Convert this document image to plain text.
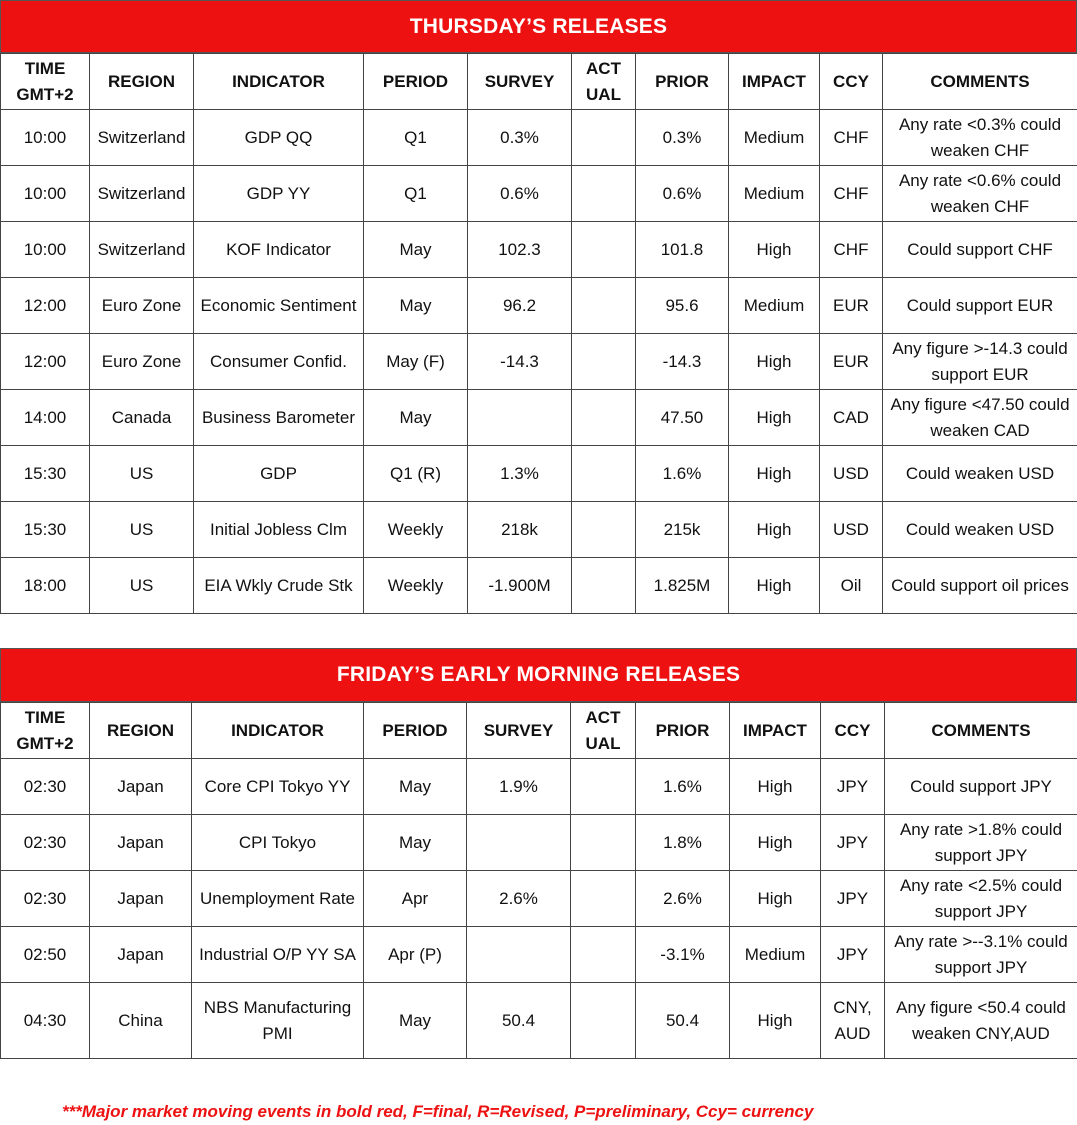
THURSDAY’S RELEASES
TIME GMT+2	REGION	INDICATOR	PERIOD	SURVEY	ACT UAL	PRIOR	IMPACT	CCY	COMMENTS
10:00	Switzerland	GDP QQ	Q1	0.3%		0.3%	Medium	CHF	Any rate <0.3% could weaken CHF
10:00	Switzerland	GDP YY	Q1	0.6%		0.6%	Medium	CHF	Any rate <0.6% could weaken CHF
10:00	Switzerland	KOF Indicator	May	102.3		101.8	High	CHF	Could support CHF
12:00	Euro Zone	Economic Sentiment	May	96.2		95.6	Medium	EUR	Could support EUR
12:00	Euro Zone	Consumer Confid.	May (F)	-14.3		-14.3	High	EUR	Any figure >-14.3 could support EUR
14:00	Canada	Business Barometer	May			47.50	High	CAD	Any figure <47.50 could weaken CAD
15:30	US	GDP	Q1 (R)	1.3%		1.6%	High	USD	Could weaken USD
15:30	US	Initial Jobless Clm	Weekly	218k		215k	High	USD	Could weaken USD
18:00	US	EIA Wkly Crude Stk	Weekly	-1.900M		1.825M	High	Oil	Could support oil prices
FRIDAY’S EARLY MORNING RELEASES
TIME GMT+2	REGION	INDICATOR	PERIOD	SURVEY	ACT UAL	PRIOR	IMPACT	CCY	COMMENTS
02:30	Japan	Core CPI Tokyo YY	May	1.9%		1.6%	High	JPY	Could support JPY
02:30	Japan	CPI Tokyo	May			1.8%	High	JPY	Any rate >1.8% could support JPY
02:30	Japan	Unemployment Rate	Apr	2.6%		2.6%	High	JPY	Any rate <2.5% could support JPY
02:50	Japan	Industrial O/P YY SA	Apr (P)			-3.1%	Medium	JPY	Any rate >--3.1% could support JPY
04:30	China	NBS Manufacturing PMI	May	50.4		50.4	High	CNY, AUD	Any figure <50.4 could weaken CNY,AUD
***Major market moving events in bold red, F=final, R=Revised, P=preliminary, Ccy= currency
